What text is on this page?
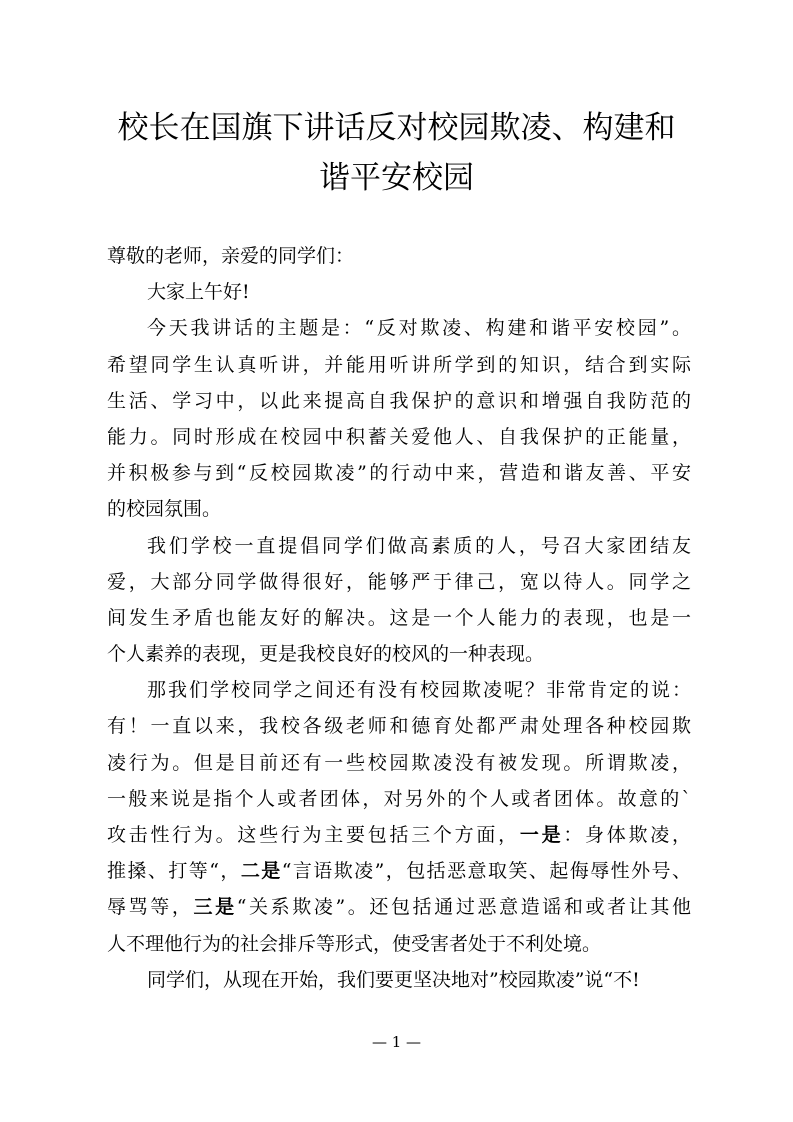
校长在国旗下讲话反对校园欺凌、构建和
谐平安校园
尊敬的老师，亲爱的同学们：
大家上午好!
今天我讲话的主题是：“反对欺凌、构建和谐平安校园”。
希望同学生认真听讲，并能用听讲所学到的知识，结合到实际
生活、学习中，以此来提高自我保护的意识和增强自我防范的
能力。同时形成在校园中积蓄关爱他人、自我保护的正能量，
并积极参与到“反校园欺凌”的行动中来，营造和谐友善、平安
的校园氛围。
我们学校一直提倡同学们做高素质的人，号召大家团结友
爱，大部分同学做得很好，能够严于律己，宽以待人。同学之
间发生矛盾也能友好的解决。这是一个人能力的表现，也是一
个人素养的表现，更是我校良好的校风的一种表现。
那我们学校同学之间还有没有校园欺凌呢？非常肯定的说：
有！一直以来，我校各级老师和德育处都严肃处理各种校园欺
凌行为。但是目前还有一些校园欺凌没有被发现。所谓欺凌，
一般来说是指个人或者团体，对另外的个人或者团体。故意的`
攻击性行为。这些行为主要包括三个方面，一是：身体欺凌，
推搡、打等“，二是“言语欺凌”，包括恶意取笑、起侮辱性外号、
辱骂等，三是“关系欺凌”。还包括通过恶意造谣和或者让其他
人不理他行为的社会排斥等形式，使受害者处于不利处境。
同学们，从现在开始，我们要更坚决地对”校园欺凌”说“不!
— 1 —
